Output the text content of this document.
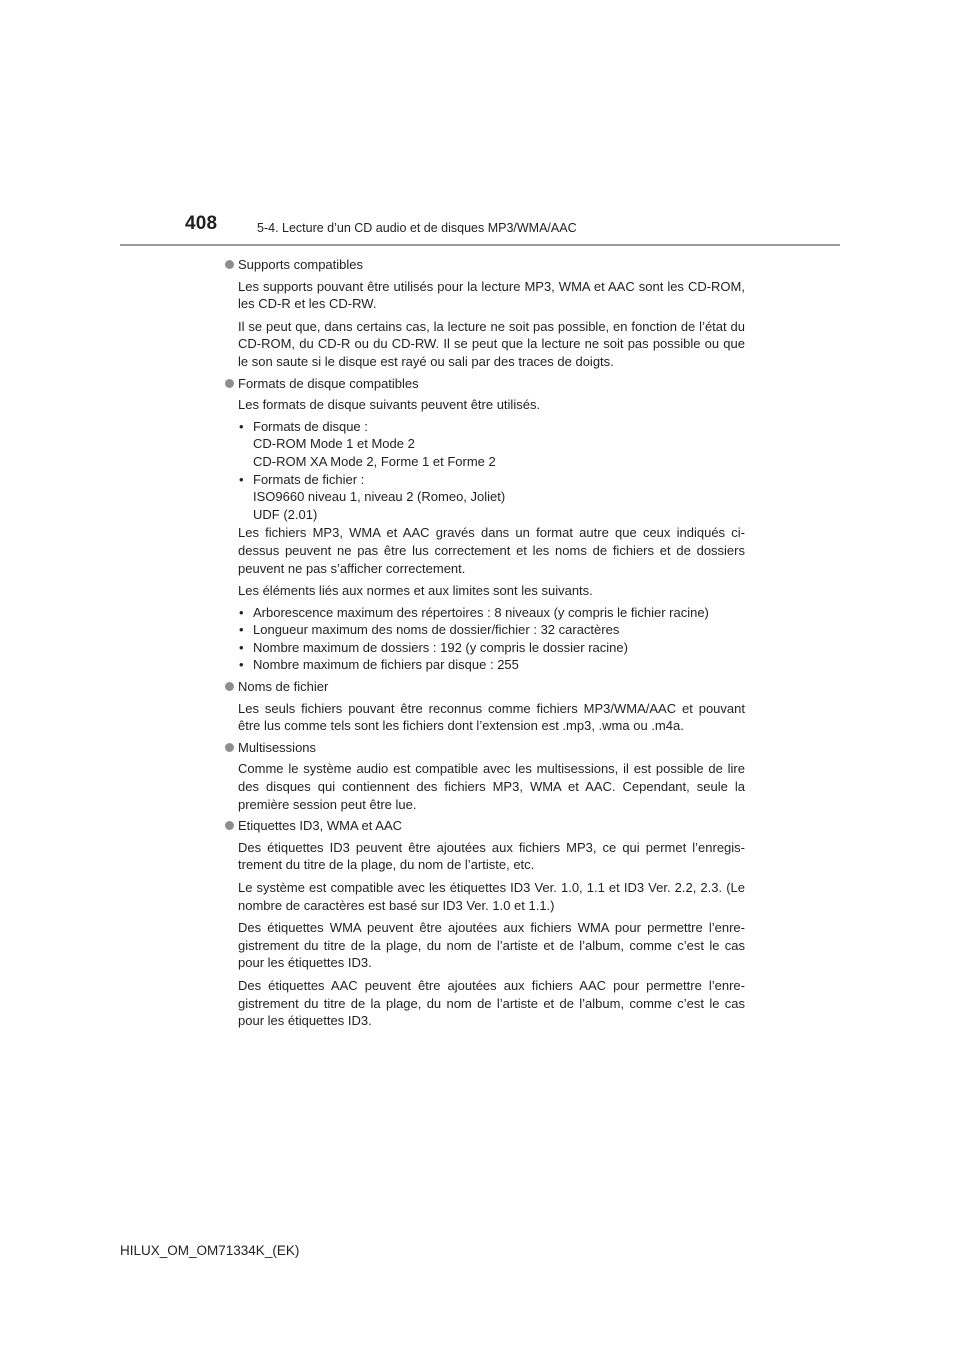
408	5-4. Lecture d’un CD audio et de disques MP3/WMA/AAC
Supports compatibles
Les supports pouvant être utilisés pour la lecture MP3, WMA et AAC sont les CD-ROM, les CD-R et les CD-RW.
Il se peut que, dans certains cas, la lecture ne soit pas possible, en fonction de l’état du CD-ROM, du CD-R ou du CD-RW. Il se peut que la lecture ne soit pas possible ou que le son saute si le disque est rayé ou sali par des traces de doigts.
Formats de disque compatibles
Les formats de disque suivants peuvent être utilisés.
• Formats de disque :
CD-ROM Mode 1 et Mode 2
CD-ROM XA Mode 2, Forme 1 et Forme 2
• Formats de fichier :
ISO9660 niveau 1, niveau 2 (Romeo, Joliet)
UDF (2.01)
Les fichiers MP3, WMA et AAC gravés dans un format autre que ceux indiqués ci-dessus peuvent ne pas être lus correctement et les noms de fichiers et de dossiers peuvent ne pas s’afficher correctement.
Les éléments liés aux normes et aux limites sont les suivants.
• Arborescence maximum des répertoires : 8 niveaux (y compris le fichier racine)
• Longueur maximum des noms de dossier/fichier : 32 caractères
• Nombre maximum de dossiers : 192 (y compris le dossier racine)
• Nombre maximum de fichiers par disque : 255
Noms de fichier
Les seuls fichiers pouvant être reconnus comme fichiers MP3/WMA/AAC et pouvant être lus comme tels sont les fichiers dont l’extension est .mp3, .wma ou .m4a.
Multisessions
Comme le système audio est compatible avec les multisessions, il est possible de lire des disques qui contiennent des fichiers MP3, WMA et AAC. Cependant, seule la première session peut être lue.
Etiquettes ID3, WMA et AAC
Des étiquettes ID3 peuvent être ajoutées aux fichiers MP3, ce qui permet l’enregis-trement du titre de la plage, du nom de l’artiste, etc.
Le système est compatible avec les étiquettes ID3 Ver. 1.0, 1.1 et ID3 Ver. 2.2, 2.3. (Le nombre de caractères est basé sur ID3 Ver. 1.0 et 1.1.)
Des étiquettes WMA peuvent être ajoutées aux fichiers WMA pour permettre l’enre-gistrement du titre de la plage, du nom de l’artiste et de l’album, comme c’est le cas pour les étiquettes ID3.
Des étiquettes AAC peuvent être ajoutées aux fichiers AAC pour permettre l’enre-gistrement du titre de la plage, du nom de l’artiste et de l’album, comme c’est le cas pour les étiquettes ID3.
HILUX_OM_OM71334K_(EK)
